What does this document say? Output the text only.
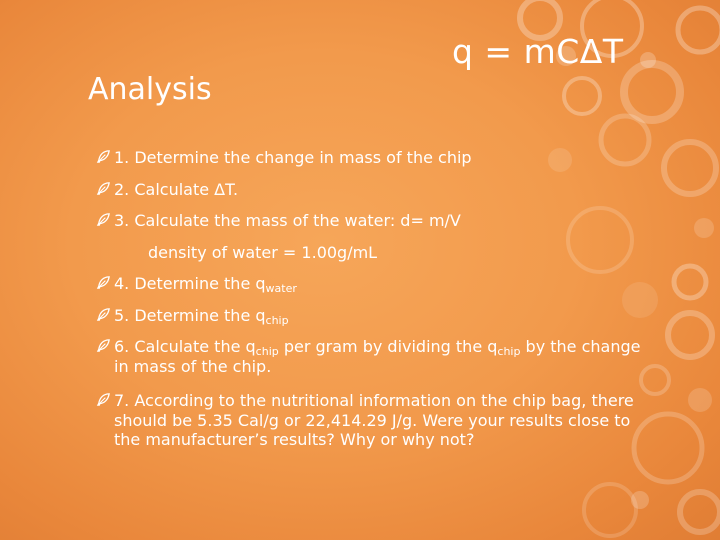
q = mCΔT
Analysis
1. Determine the change in mass of the chip
2. Calculate ΔT.
3. Calculate the mass of the water: d= m/V
density of water = 1.00g/mL
4. Determine the $q_{water}$
5. Determine the $q_{chip}$
6. Calculate the $q_{chip}$ per gram by dividing the $q_{chip}$ by the change in mass of the chip.
7. According to the nutritional information on the chip bag, there should be 5.35 Cal/g or 22,414.29 J/g. Were your results close to the manufacturer’s results? Why or why not?
